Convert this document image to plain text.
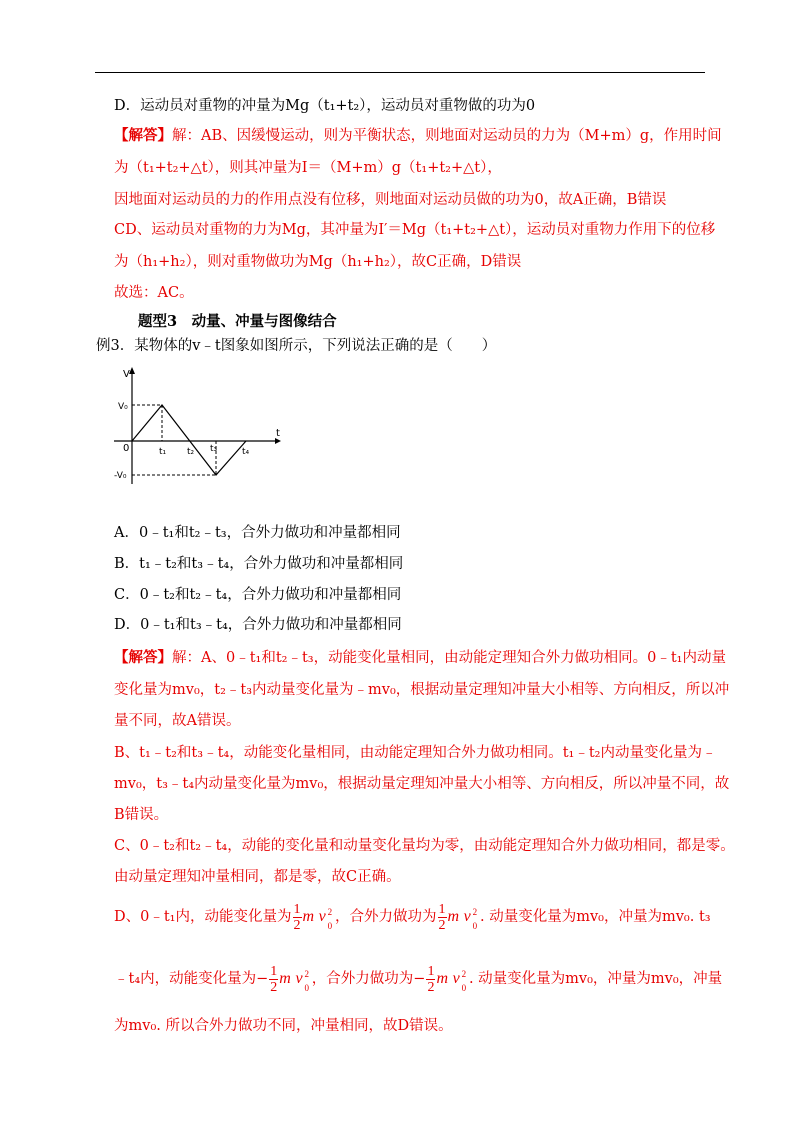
D．运动员对重物的冲量为Mg（t₁+t₂），运动员对重物做的功为0
【解答】解：AB、因缓慢运动，则为平衡状态，则地面对运动员的力为（M+m）g，作用时间
为（t₁+t₂+△t），则其冲量为I＝（M+m）g（t₁+t₂+△t），
因地面对运动员的力的作用点没有位移，则地面对运动员做的功为0，故A正确，B错误
CD、运动员对重物的力为Mg，其冲量为I′＝Mg（t₁+t₂+△t），运动员对重物力作用下的位移
为（h₁+h₂），则对重物做功为Mg（h₁+h₂），故C正确，D错误
故选：AC。
题型3　动量、冲量与图像结合
例3．某物体的v﹣t图象如图所示，下列说法正确的是（　　）
V
t
0
V₀
-V₀
t₁ t₂ t₃	t₄
A．0﹣t₁和t₂﹣t₃，合外力做功和冲量都相同
B．t₁﹣t₂和t₃﹣t₄，合外力做功和冲量都相同
C．0﹣t₂和t₂﹣t₄，合外力做功和冲量都相同
D．0﹣t₁和t₃﹣t₄，合外力做功和冲量都相同
【解答】解：A、0﹣t₁和t₂﹣t₃，动能变化量相同，由动能定理知合外力做功相同。0﹣t₁内动量
变化量为mv₀，t₂﹣t₃内动量变化量为﹣mv₀，根据动量定理知冲量大小相等、方向相反，所以冲
量不同，故A错误。
B、t₁﹣t₂和t₃﹣t₄，动能变化量相同，由动能定理知合外力做功相同。t₁﹣t₂内动量变化量为﹣
mv₀，t₃﹣t₄内动量变化量为mv₀，根据动量定理知冲量大小相等、方向相反，所以冲量不同，故
B错误。
C、0﹣t₂和t₂﹣t₄，动能的变化量和动量变化量均为零，由动能定理知合外力做功相同，都是零。
由动量定理知冲量相同，都是零，故C正确。
D、0﹣t₁内，动能变化量为 $\frac{1}{2}$ m v 2
0
，合外力做功为 $\frac{1}{2}$ m v 2
0
. 动量变化量为mv₀，冲量为mv₀. t₃
﹣t₄内，动能变化量为− $\frac{1}{2}$ m v 2
0
，合外力做功为− $\frac{1}{2}$ m v 2
0
. 动量变化量为mv₀，冲量为mv₀，冲量
为mv₀. 所以合外力做功不同，冲量相同，故D错误。
